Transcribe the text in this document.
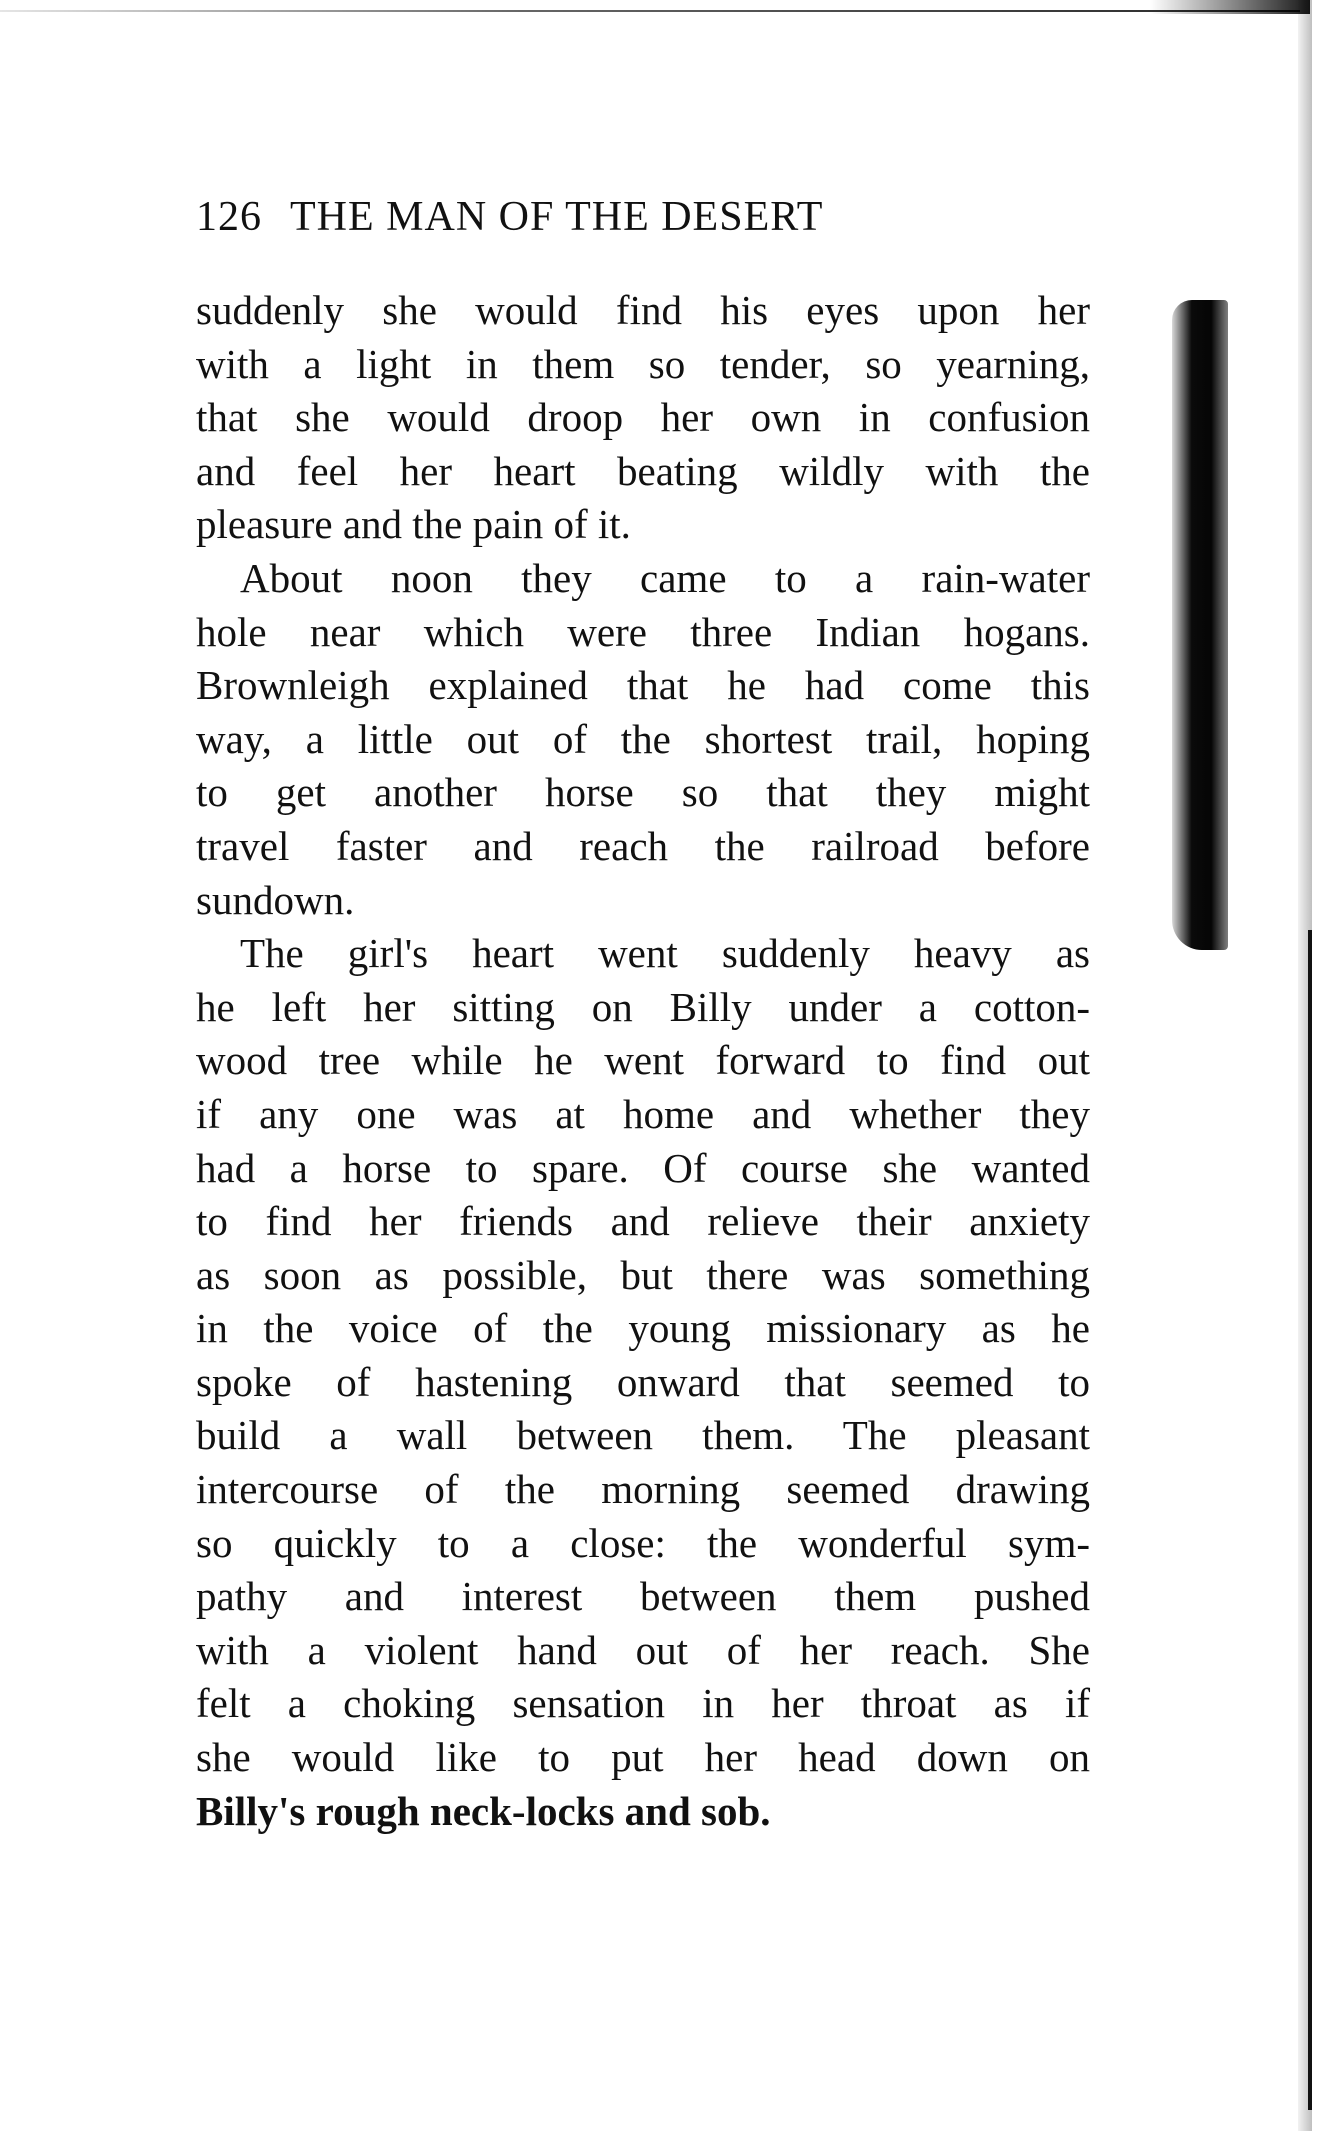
126 THE MAN OF THE DESERT
suddenly she would find his eyes upon her
with a light in them so tender, so yearning,
that she would droop her own in confusion
and feel her heart beating wildly with the
pleasure and the pain of it.
About noon they came to a rain-water
hole near which were three Indian hogans.
Brownleigh explained that he had come this
way, a little out of the shortest trail, hoping
to get another horse so that they might
travel faster and reach the railroad before
sundown.
The girl's heart went suddenly heavy as
he left her sitting on Billy under a cotton-
wood tree while he went forward to find out
if any one was at home and whether they
had a horse to spare. Of course she wanted
to find her friends and relieve their anxiety
as soon as possible, but there was something
in the voice of the young missionary as he
spoke of hastening onward that seemed to
build a wall between them. The pleasant
intercourse of the morning seemed drawing
so quickly to a close: the wonderful sym-
pathy and interest between them pushed
with a violent hand out of her reach. She
felt a choking sensation in her throat as if
she would like to put her head down on
Billy's rough neck-locks and sob.
